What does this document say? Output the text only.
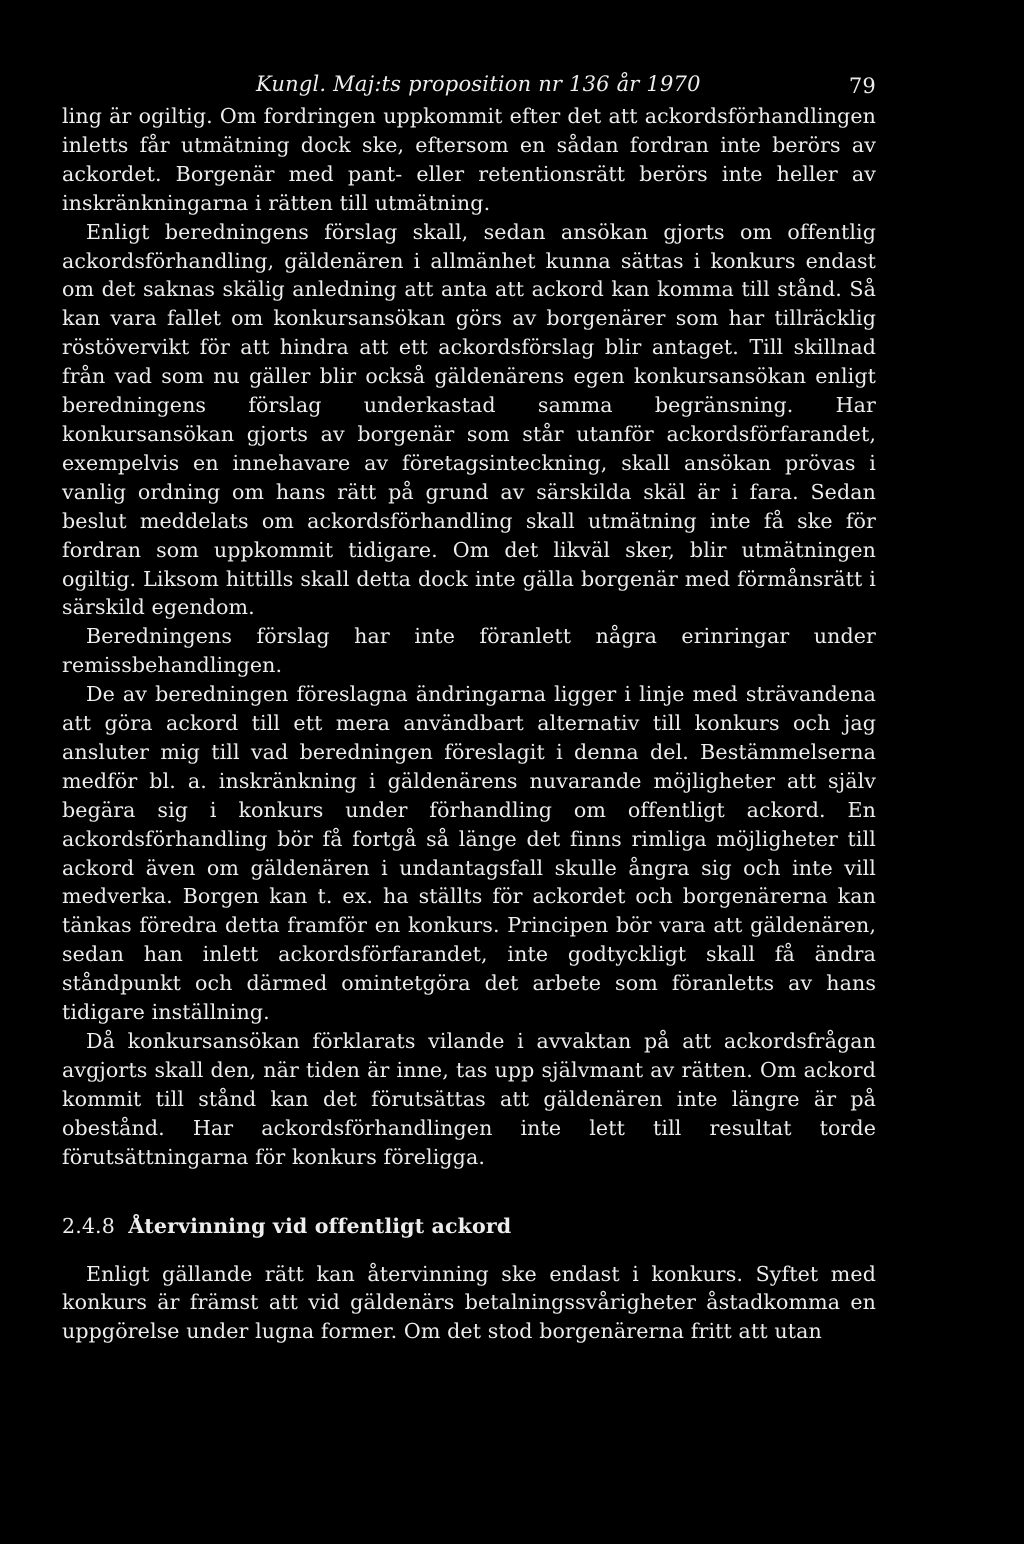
Kungl. Maj:ts proposition nr 136 år 1970	79

ling är ogiltig. Om fordringen uppkommit efter det att ackordsförhandlingen inletts får utmätning dock ske, eftersom en sådan fordran inte berörs av ackordet. Borgenär med pant- eller retentionsrätt berörs inte heller av inskränkningarna i rätten till utmätning.

Enligt beredningens förslag skall, sedan ansökan gjorts om offentlig ackordsförhandling, gäldenären i allmänhet kunna sättas i konkurs endast om det saknas skälig anledning att anta att ackord kan komma till stånd. Så kan vara fallet om konkursansökan görs av borgenärer som har tillräcklig röstövervikt för att hindra att ett ackordsförslag blir antaget. Till skillnad från vad som nu gäller blir också gäldenärens egen konkursansökan enligt beredningens förslag underkastad samma begränsning. Har konkursansökan gjorts av borgenär som står utanför ackordsförfarandet, exempelvis en innehavare av företagsinteckning, skall ansökan prövas i vanlig ordning om hans rätt på grund av särskilda skäl är i fara. Sedan beslut meddelats om ackordsförhandling skall utmätning inte få ske för fordran som uppkommit tidigare. Om det likväl sker, blir utmätningen ogiltig. Liksom hittills skall detta dock inte gälla borgenär med förmånsrätt i särskild egendom.

Beredningens förslag har inte föranlett några erinringar under remissbehandlingen.

De av beredningen föreslagna ändringarna ligger i linje med strävandena att göra ackord till ett mera användbart alternativ till konkurs och jag ansluter mig till vad beredningen föreslagit i denna del. Bestämmelserna medför bl. a. inskränkning i gäldenärens nuvarande möjligheter att själv begära sig i konkurs under förhandling om offentligt ackord. En ackordsförhandling bör få fortgå så länge det finns rimliga möjligheter till ackord även om gäldenären i undantagsfall skulle ångra sig och inte vill medverka. Borgen kan t. ex. ha ställts för ackordet och borgenärerna kan tänkas föredra detta framför en konkurs. Principen bör vara att gäldenären, sedan han inlett ackordsförfarandet, inte godtyckligt skall få ändra ståndpunkt och därmed omintetgöra det arbete som föranletts av hans tidigare inställning.

Då konkursansökan förklarats vilande i avvaktan på att ackordsfrågan avgjorts skall den, när tiden är inne, tas upp självmant av rätten. Om ackord kommit till stånd kan det förutsättas att gäldenären inte längre är på obestånd. Har ackordsförhandlingen inte lett till resultat torde förutsättningarna för konkurs föreligga.

2.4.8 Återvinning vid offentligt ackord

Enligt gällande rätt kan återvinning ske endast i konkurs. Syftet med konkurs är främst att vid gäldenärs betalningssvårigheter åstadkomma en uppgörelse under lugna former. Om det stod borgenärerna fritt att utan
